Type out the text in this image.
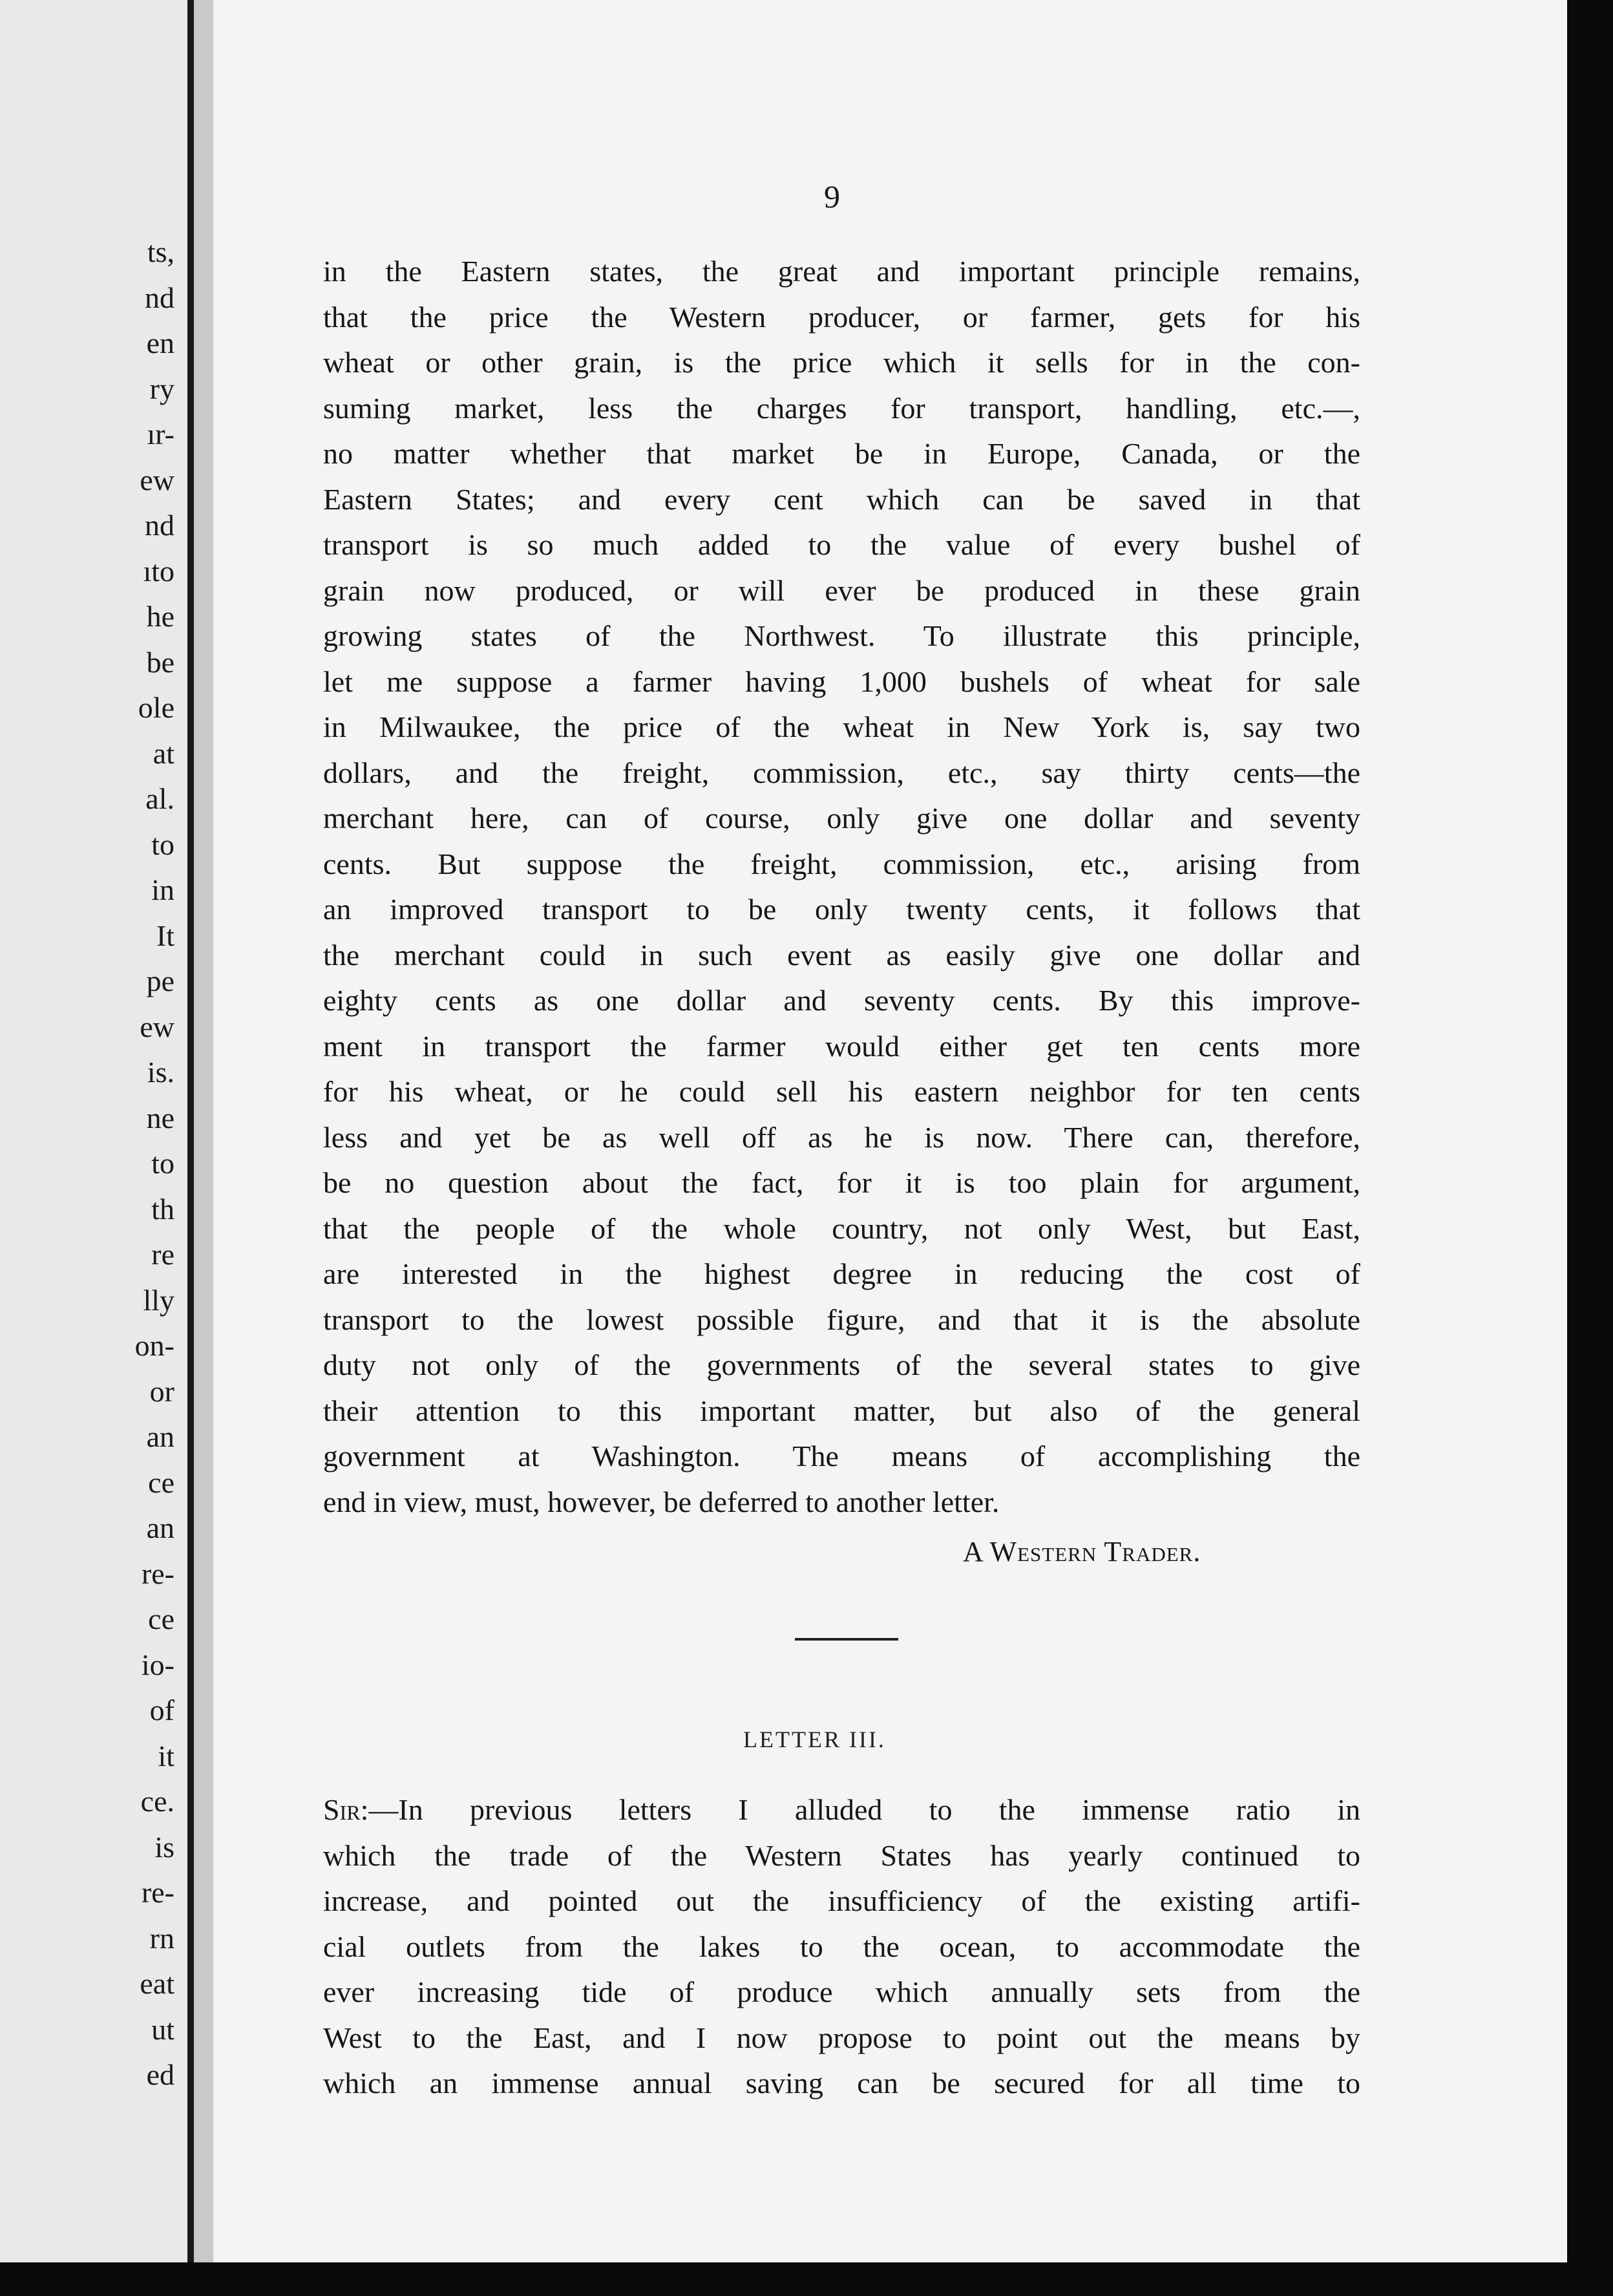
ts,
nd
en
ry
ır-
ew
nd
ıto
he
be
ole
at
al.
to
in
It
pe
ew
is.
ne
to
th
re
lly
on-
or
an
ce
an
re-
ce
io-
of
it
ce.
is
re-
rn
eat
ut
ed
9
in the Eastern states, the great and important principle remains,
that the price the Western producer, or farmer, gets for his
wheat or other grain, is the price which it sells for in the con-
suming market, less the charges for transport, handling, etc.—,
no matter whether that market be in Europe, Canada, or the
Eastern States; and every cent which can be saved in that
transport is so much added to the value of every bushel of
grain now produced, or will ever be produced in these grain
growing states of the Northwest. To illustrate this principle,
let me suppose a farmer having 1,000 bushels of wheat for sale
in Milwaukee, the price of the wheat in New York is, say two
dollars, and the freight, commission, etc., say thirty cents—the
merchant here, can of course, only give one dollar and seventy
cents. But suppose the freight, commission, etc., arising from
an improved transport to be only twenty cents, it follows that
the merchant could in such event as easily give one dollar and
eighty cents as one dollar and seventy cents. By this improve-
ment in transport the farmer would either get ten cents more
for his wheat, or he could sell his eastern neighbor for ten cents
less and yet be as well off as he is now. There can, therefore,
be no question about the fact, for it is too plain for argument,
that the people of the whole country, not only West, but East,
are interested in the highest degree in reducing the cost of
transport to the lowest possible figure, and that it is the absolute
duty not only of the governments of the several states to give
their attention to this important matter, but also of the general
government at Washington. The means of accomplishing the
end in view, must, however, be deferred to another letter.
A Western Trader.
LETTER III.
Sir:—In previous letters I alluded to the immense ratio in
which the trade of the Western States has yearly continued to
increase, and pointed out the insufficiency of the existing artifi-
cial outlets from the lakes to the ocean, to accommodate the
ever increasing tide of produce which annually sets from the
West to the East, and I now propose to point out the means by
which an immense annual saving can be secured for all time to
